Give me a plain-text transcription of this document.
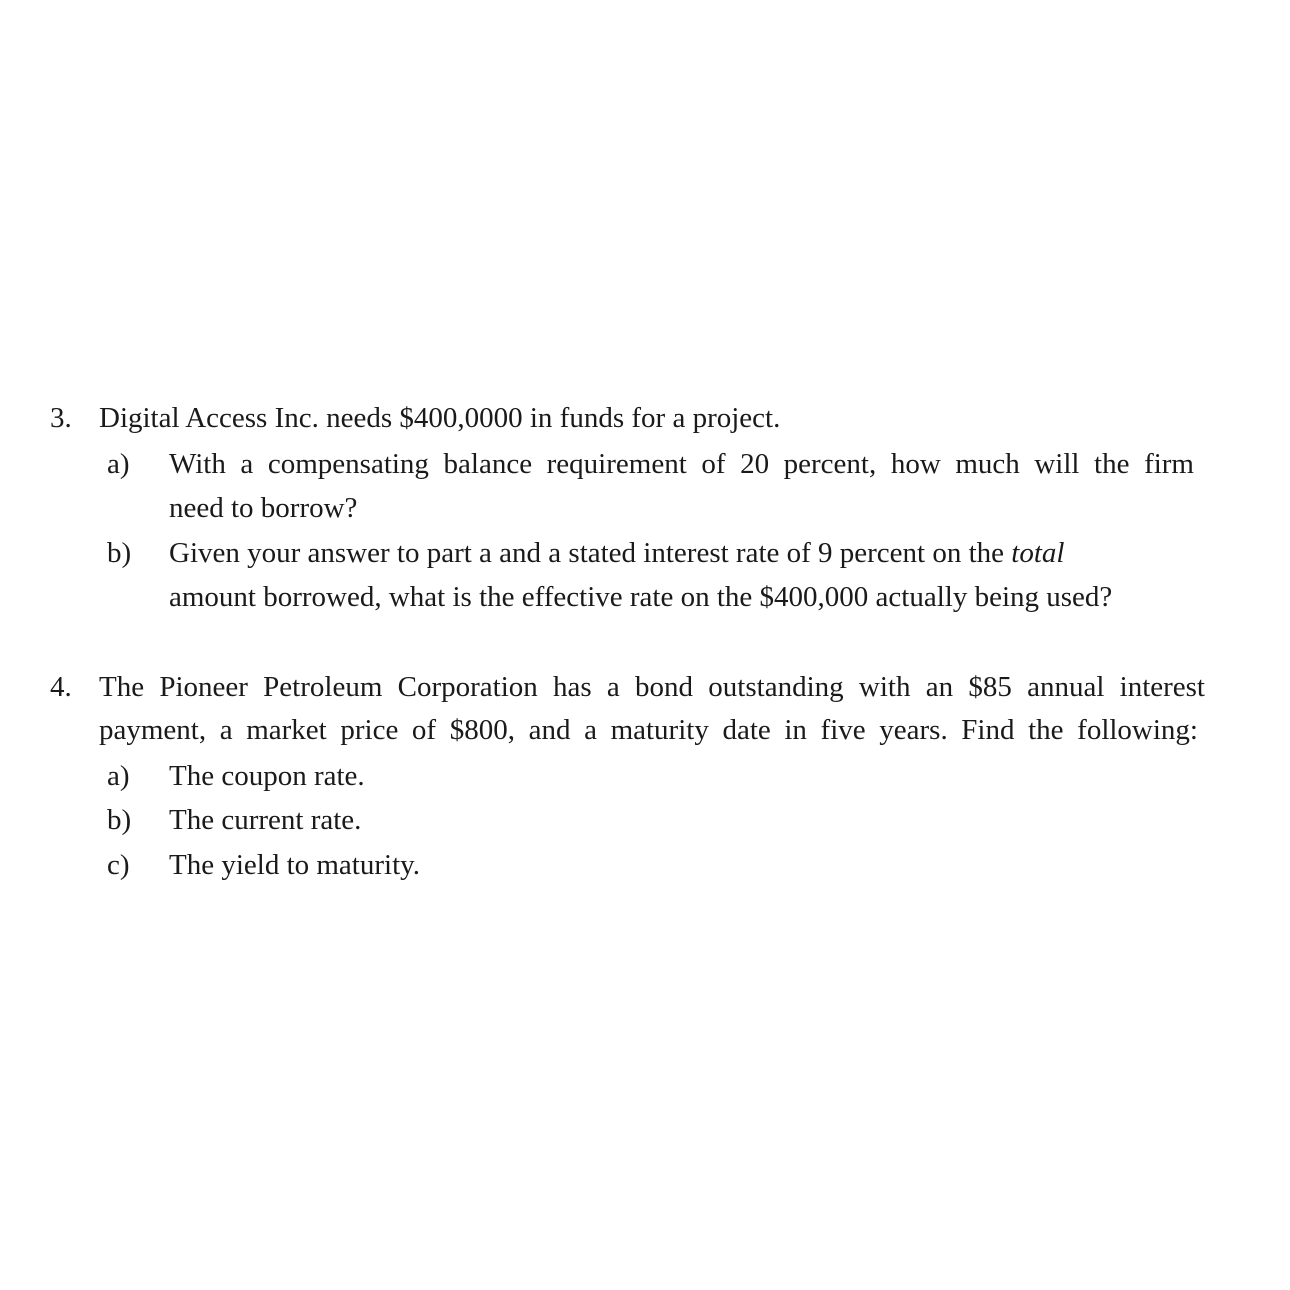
3. Digital Access Inc. needs $400,0000 in funds for a project.
a) With a compensating balance requirement of 20 percent, how much will the firm
need to borrow?
b) Given your answer to part a and a stated interest rate of 9 percent on the total
amount borrowed, what is the effective rate on the $400,000 actually being used?
4. The Pioneer Petroleum Corporation has a bond outstanding with an $85 annual interest
payment, a market price of $800, and a maturity date in five years. Find the following:
a) The coupon rate.
b) The current rate.
c) The yield to maturity.
